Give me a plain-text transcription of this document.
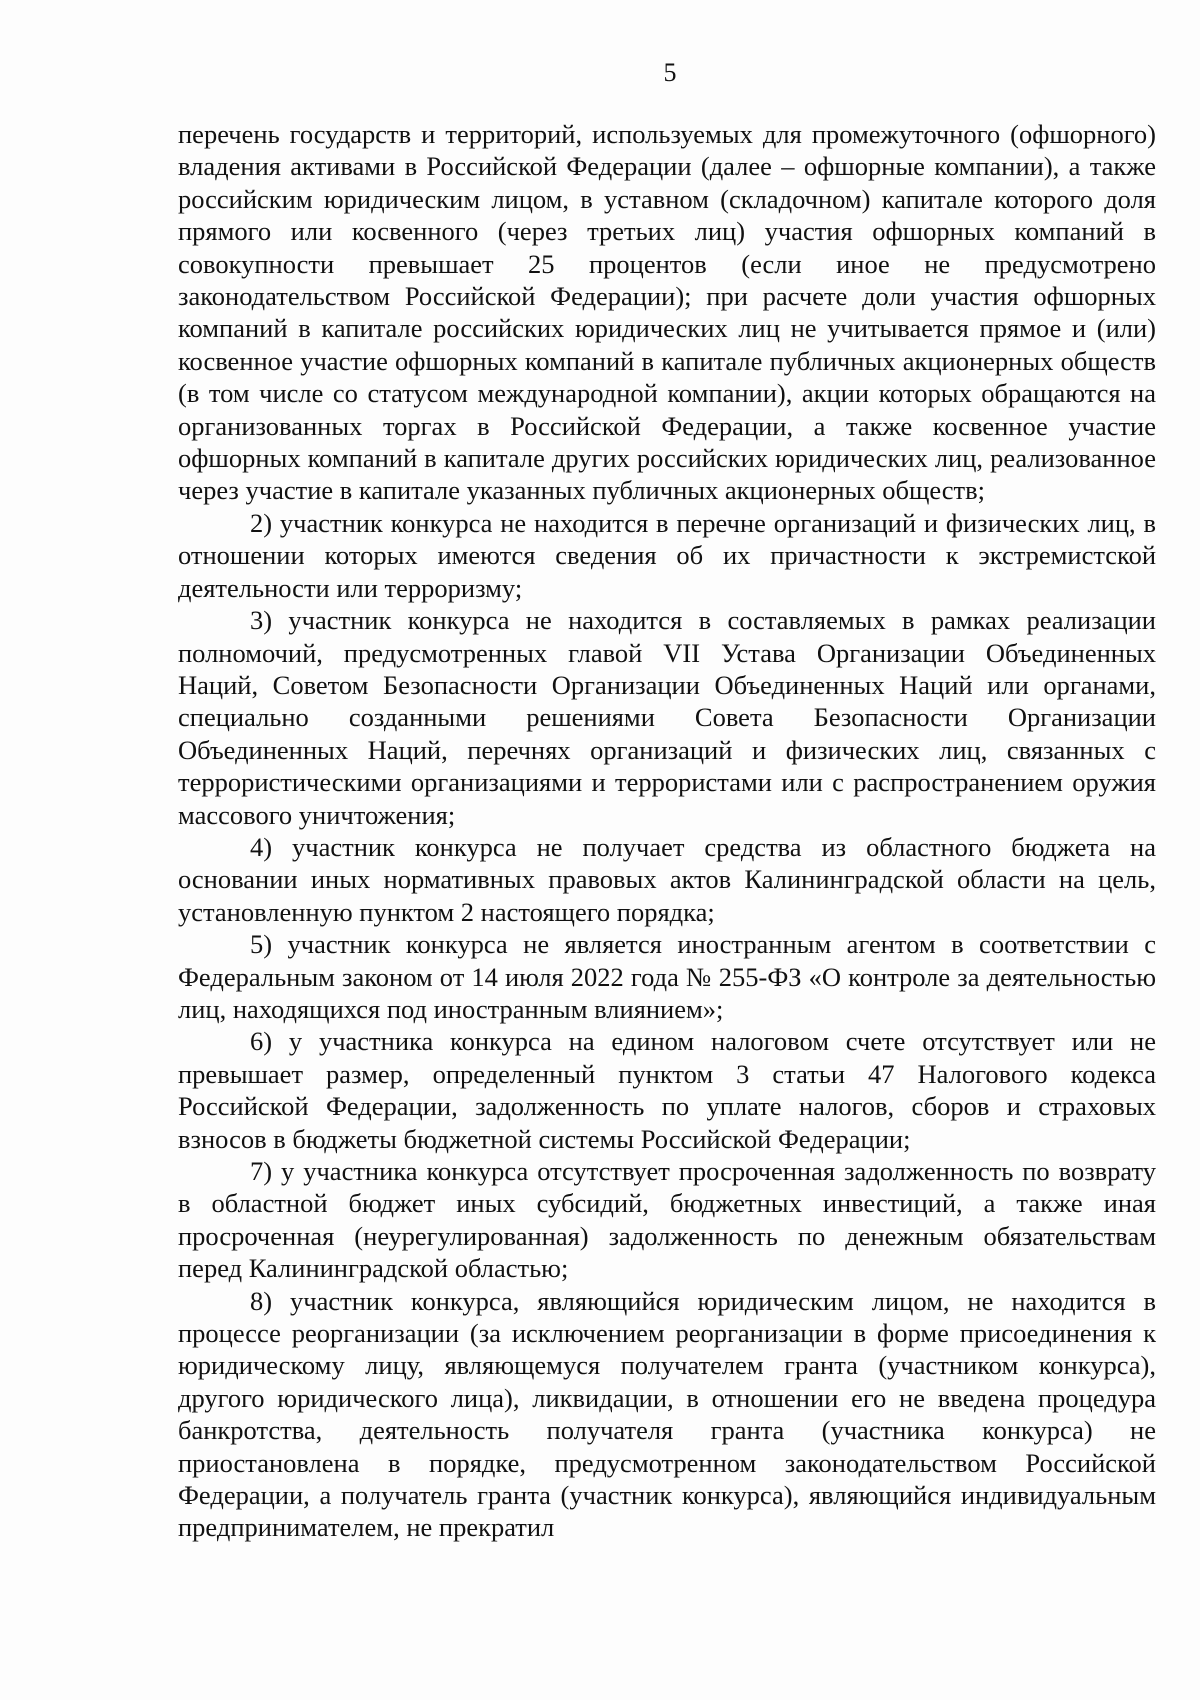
5

перечень государств и территорий, используемых для промежуточного (офшорного) владения активами в Российской Федерации (далее – офшорные компании), а также российским юридическим лицом, в уставном (складочном) капитале которого доля прямого или косвенного (через третьих лиц) участия офшорных компаний в совокупности превышает 25 процентов (если иное не предусмотрено законодательством Российской Федерации); при расчете доли участия офшорных компаний в капитале российских юридических лиц не учитывается прямое и (или) косвенное участие офшорных компаний в капитале публичных акционерных обществ (в том числе со статусом международной компании), акции которых обращаются на организованных торгах в Российской Федерации, а также косвенное участие офшорных компаний в капитале других российских юридических лиц, реализованное через участие в капитале указанных публичных акционерных обществ;

2) участник конкурса не находится в перечне организаций и физических лиц, в отношении которых имеются сведения об их причастности к экстремистской деятельности или терроризму;

3) участник конкурса не находится в составляемых в рамках реализации полномочий, предусмотренных главой VII Устава Организации Объединенных Наций, Советом Безопасности Организации Объединенных Наций или органами, специально созданными решениями Совета Безопасности Организации Объединенных Наций, перечнях организаций и физических лиц, связанных с террористическими организациями и террористами или с распространением оружия массового уничтожения;

4) участник конкурса не получает средства из областного бюджета на основании иных нормативных правовых актов Калининградской области на цель, установленную пунктом 2 настоящего порядка;

5) участник конкурса не является иностранным агентом в соответствии с Федеральным законом от 14 июля 2022 года № 255-ФЗ «О контроле за деятельностью лиц, находящихся под иностранным влиянием»;

6) у участника конкурса на едином налоговом счете отсутствует или не превышает размер, определенный пунктом 3 статьи 47 Налогового кодекса Российской Федерации, задолженность по уплате налогов, сборов и страховых взносов в бюджеты бюджетной системы Российской Федерации;

7) у участника конкурса отсутствует просроченная задолженность по возврату в областной бюджет иных субсидий, бюджетных инвестиций, а также иная просроченная (неурегулированная) задолженность по денежным обязательствам перед Калининградской областью;

8) участник конкурса, являющийся юридическим лицом, не находится в процессе реорганизации (за исключением реорганизации в форме присоединения к юридическому лицу, являющемуся получателем гранта (участником конкурса), другого юридического лица), ликвидации, в отношении его не введена процедура банкротства, деятельность получателя гранта (участника конкурса) не приостановлена в порядке, предусмотренном законодательством Российской Федерации, а получатель гранта (участник конкурса), являющийся индивидуальным предпринимателем, не прекратил
